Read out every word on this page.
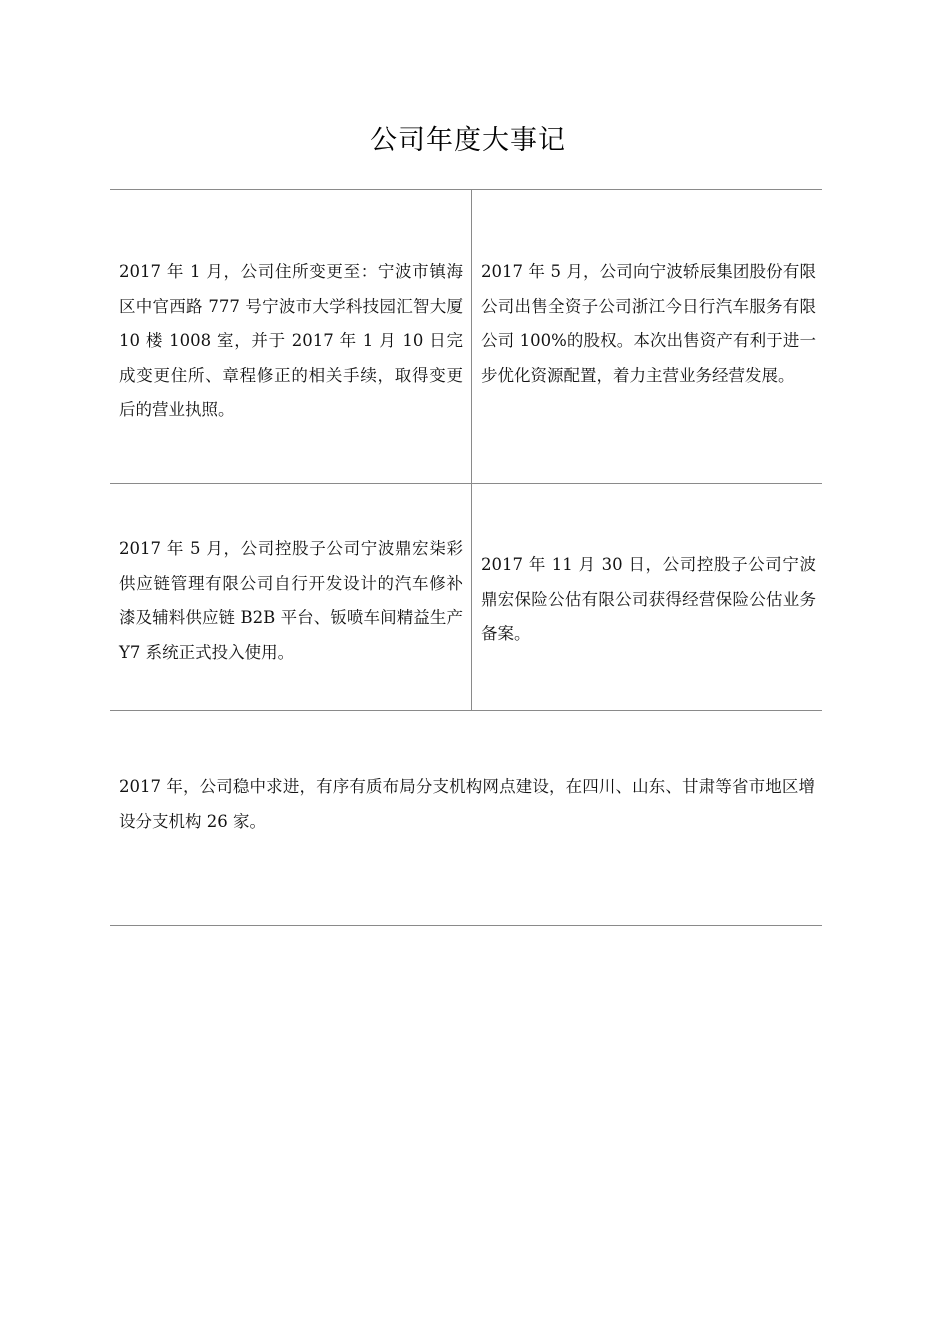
公司年度大事记
2017 年 1 月，公司住所变更至：宁波市镇海区中官西路 777 号宁波市大学科技园汇智大厦 10 楼 1008 室，并于 2017 年 1 月 10 日完成变更住所、章程修正的相关手续，取得变更后的营业执照。
2017 年 5 月，公司向宁波轿辰集团股份有限公司出售全资子公司浙江今日行汽车服务有限公司 100%的股权。本次出售资产有利于进一步优化资源配置，着力主营业务经营发展。
2017 年 5 月，公司控股子公司宁波鼎宏柒彩供应链管理有限公司自行开发设计的汽车修补漆及辅料供应链 B2B 平台、钣喷车间精益生产 Y7 系统正式投入使用。
2017 年 11 月 30 日，公司控股子公司宁波鼎宏保险公估有限公司获得经营保险公估业务备案。
2017 年，公司稳中求进，有序有质布局分支机构网点建设，在四川、山东、甘肃等省市地区增设分支机构 26 家。
